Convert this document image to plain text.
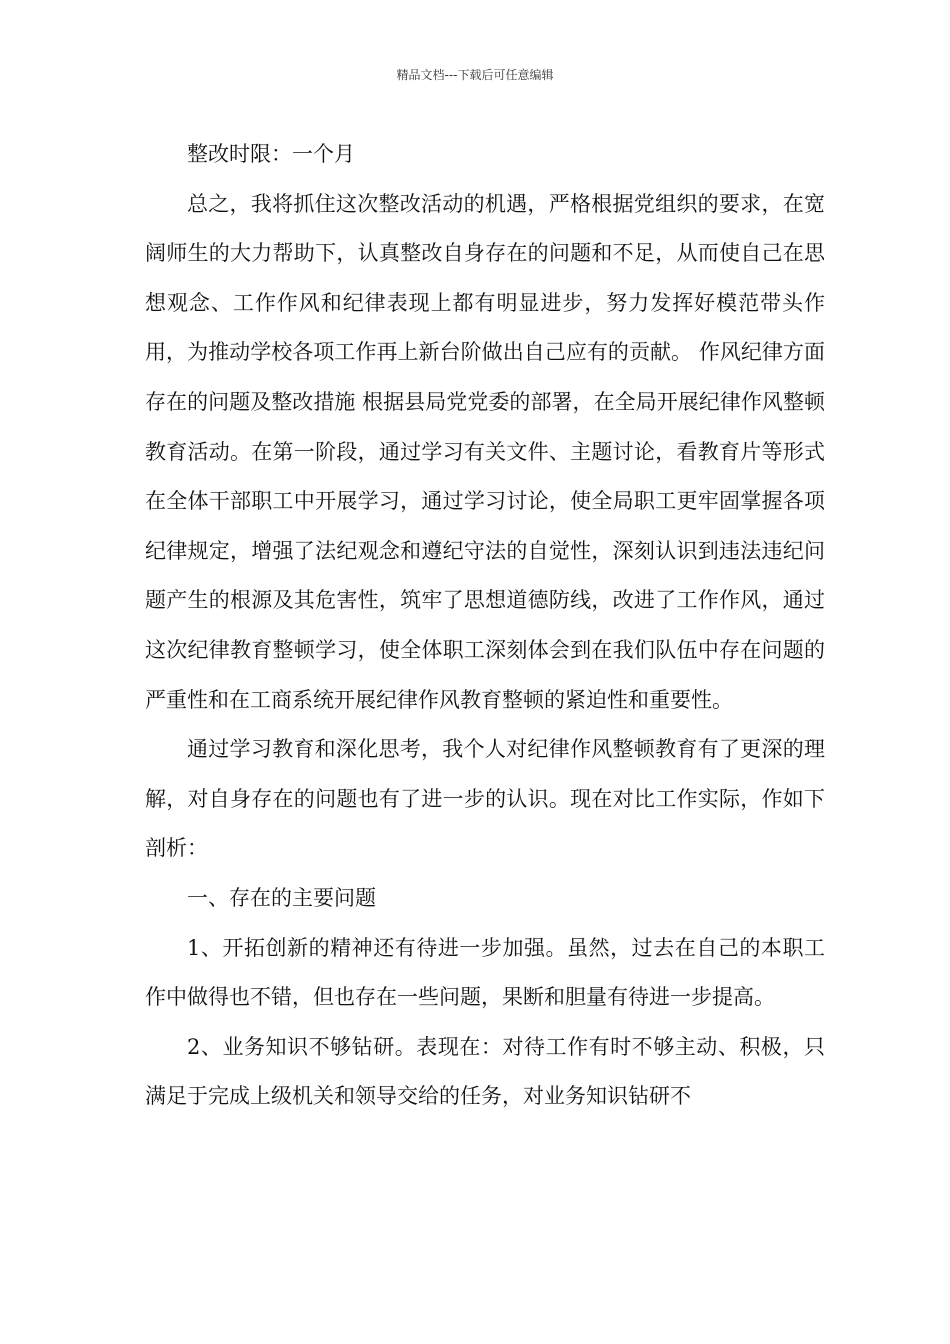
精品文档---下载后可任意编辑

整改时限：一个月

总之，我将抓住这次整改活动的机遇，严格根据党组织的要求，在宽阔师生的大力帮助下，认真整改自身存在的问题和不足，从而使自己在思想观念、工作作风和纪律表现上都有明显进步，努力发挥好模范带头作用，为推动学校各项工作再上新台阶做出自己应有的贡献。 作风纪律方面存在的问题及整改措施 根据县局党党委的部署，在全局开展纪律作风整顿教育活动。在第一阶段，通过学习有关文件、主题讨论，看教育片等形式在全体干部职工中开展学习，通过学习讨论，使全局职工更牢固掌握各项纪律规定，增强了法纪观念和遵纪守法的自觉性，深刻认识到违法违纪问题产生的根源及其危害性，筑牢了思想道德防线，改进了工作作风，通过这次纪律教育整顿学习，使全体职工深刻体会到在我们队伍中存在问题的严重性和在工商系统开展纪律作风教育整顿的紧迫性和重要性。

通过学习教育和深化思考，我个人对纪律作风整顿教育有了更深的理解，对自身存在的问题也有了进一步的认识。现在对比工作实际，作如下剖析：

一、存在的主要问题

1、开拓创新的精神还有待进一步加强。虽然，过去在自己的本职工作中做得也不错，但也存在一些问题，果断和胆量有待进一步提高。

2、业务知识不够钻研。表现在：对待工作有时不够主动、积极，只满足于完成上级机关和领导交给的任务，对业务知识钻研不
